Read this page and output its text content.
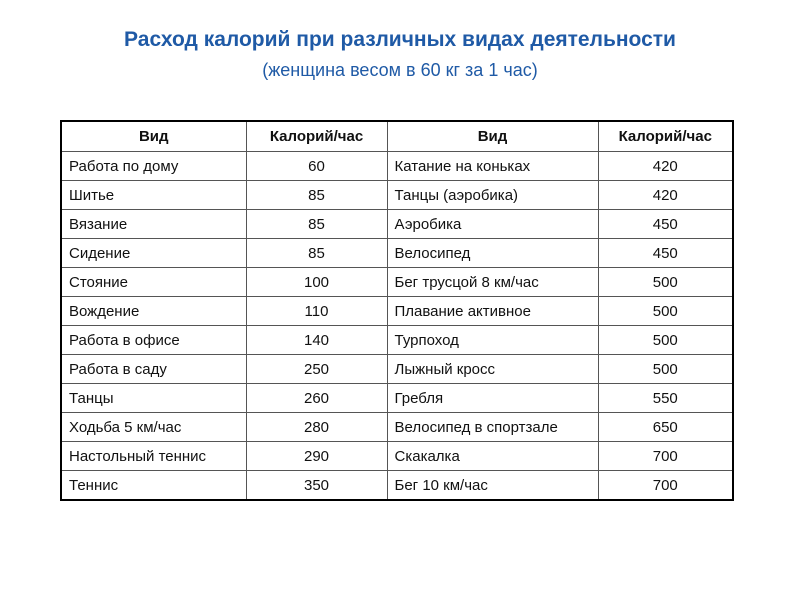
Расход калорий при различных видах деятельности
(женщина весом в 60 кг за 1 час)
Вид	Калорий/час	Вид	Калорий/час
Работа по дому	60	Катание на коньках	420
Шитье	85	Танцы (аэробика)	420
Вязание	85	Аэробика	450
Сидение	85	Велосипед	450
Стояние	100	Бег трусцой 8 км/час	500
Вождение	110	Плавание активное	500
Работа в офисе	140	Турпоход	500
Работа в саду	250	Лыжный кросс	500
Танцы	260	Гребля	550
Ходьба 5 км/час	280	Велосипед в спортзале	650
Настольный теннис	290	Скакалка	700
Теннис	350	Бег 10 км/час	700
